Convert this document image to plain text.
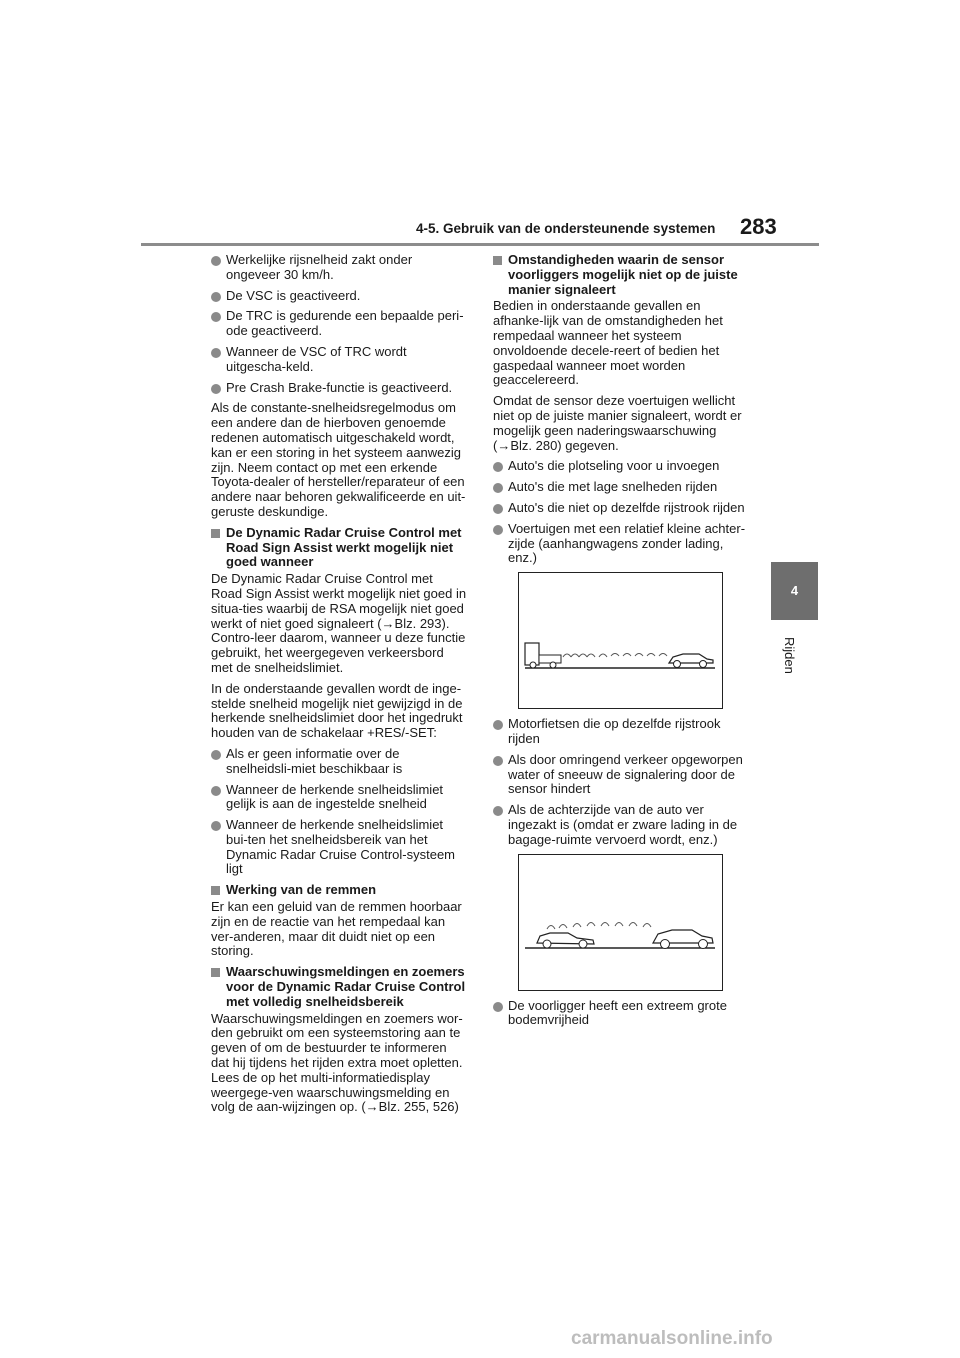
4-5. Gebruik van de ondersteunende systemen 283
4
Rijden

Werkelijke rijsnelheid zakt onder ongeveer 30 km/h.

De VSC is geactiveerd.

De TRC is gedurende een bepaalde peri-ode geactiveerd.

Wanneer de VSC of TRC wordt uitgescha-keld.

Pre Crash Brake-functie is geactiveerd.

Als de constante-snelheidsregelmodus om een andere dan de hierboven genoemde redenen automatisch uitgeschakeld wordt, kan er een storing in het systeem aanwezig zijn. Neem contact op met een erkende Toyota-dealer of hersteller/reparateur of een andere naar behoren gekwalificeerde en uit-geruste deskundige.

De Dynamic Radar Cruise Control met Road Sign Assist werkt mogelijk niet goed wanneer

De Dynamic Radar Cruise Control met Road Sign Assist werkt mogelijk niet goed in situa-ties waarbij de RSA mogelijk niet goed werkt of niet goed signaleert (→Blz. 293). Contro-leer daarom, wanneer u deze functie gebruikt, het weergegeven verkeersbord met de snelheidslimiet.

In de onderstaande gevallen wordt de inge-stelde snelheid mogelijk niet gewijzigd in de herkende snelheidslimiet door het ingedrukt houden van de schakelaar +RES/-SET:

Als er geen informatie over de snelheidsli-miet beschikbaar is

Wanneer de herkende snelheidslimiet gelijk is aan de ingestelde snelheid

Wanneer de herkende snelheidslimiet bui-ten het snelheidsbereik van het Dynamic Radar Cruise Control-systeem ligt

Werking van de remmen

Er kan een geluid van de remmen hoorbaar zijn en de reactie van het rempedaal kan ver-anderen, maar dit duidt niet op een storing.

Waarschuwingsmeldingen en zoemers voor de Dynamic Radar Cruise Control met volledig snelheidsbereik

Waarschuwingsmeldingen en zoemers wor-den gebruikt om een systeemstoring aan te geven of om de bestuurder te informeren dat hij tijdens het rijden extra moet opletten. Lees de op het multi-informatiedisplay weergege-ven waarschuwingsmelding en volg de aan-wijzingen op. (→Blz. 255, 526)

Omstandigheden waarin de sensor voorliggers mogelijk niet op de juiste manier signaleert

Bedien in onderstaande gevallen en afhanke-lijk van de omstandigheden het rempedaal wanneer het systeem onvoldoende decele-reert of bedien het gaspedaal wanneer moet worden geaccelereerd.

Omdat de sensor deze voertuigen wellicht niet op de juiste manier signaleert, wordt er mogelijk geen naderingswaarschuwing (→Blz. 280) gegeven.

Auto's die plotseling voor u invoegen

Auto's die met lage snelheden rijden

Auto's die niet op dezelfde rijstrook rijden

Voertuigen met een relatief kleine achter-zijde (aanhangwagens zonder lading, enz.)

Motorfietsen die op dezelfde rijstrook rijden

Als door omringend verkeer opgeworpen water of sneeuw de signalering door de sensor hindert

Als de achterzijde van de auto ver ingezakt is (omdat er zware lading in de bagage-ruimte vervoerd wordt, enz.)

De voorligger heeft een extreem grote bodemvrijheid

carmanualsonline.info
